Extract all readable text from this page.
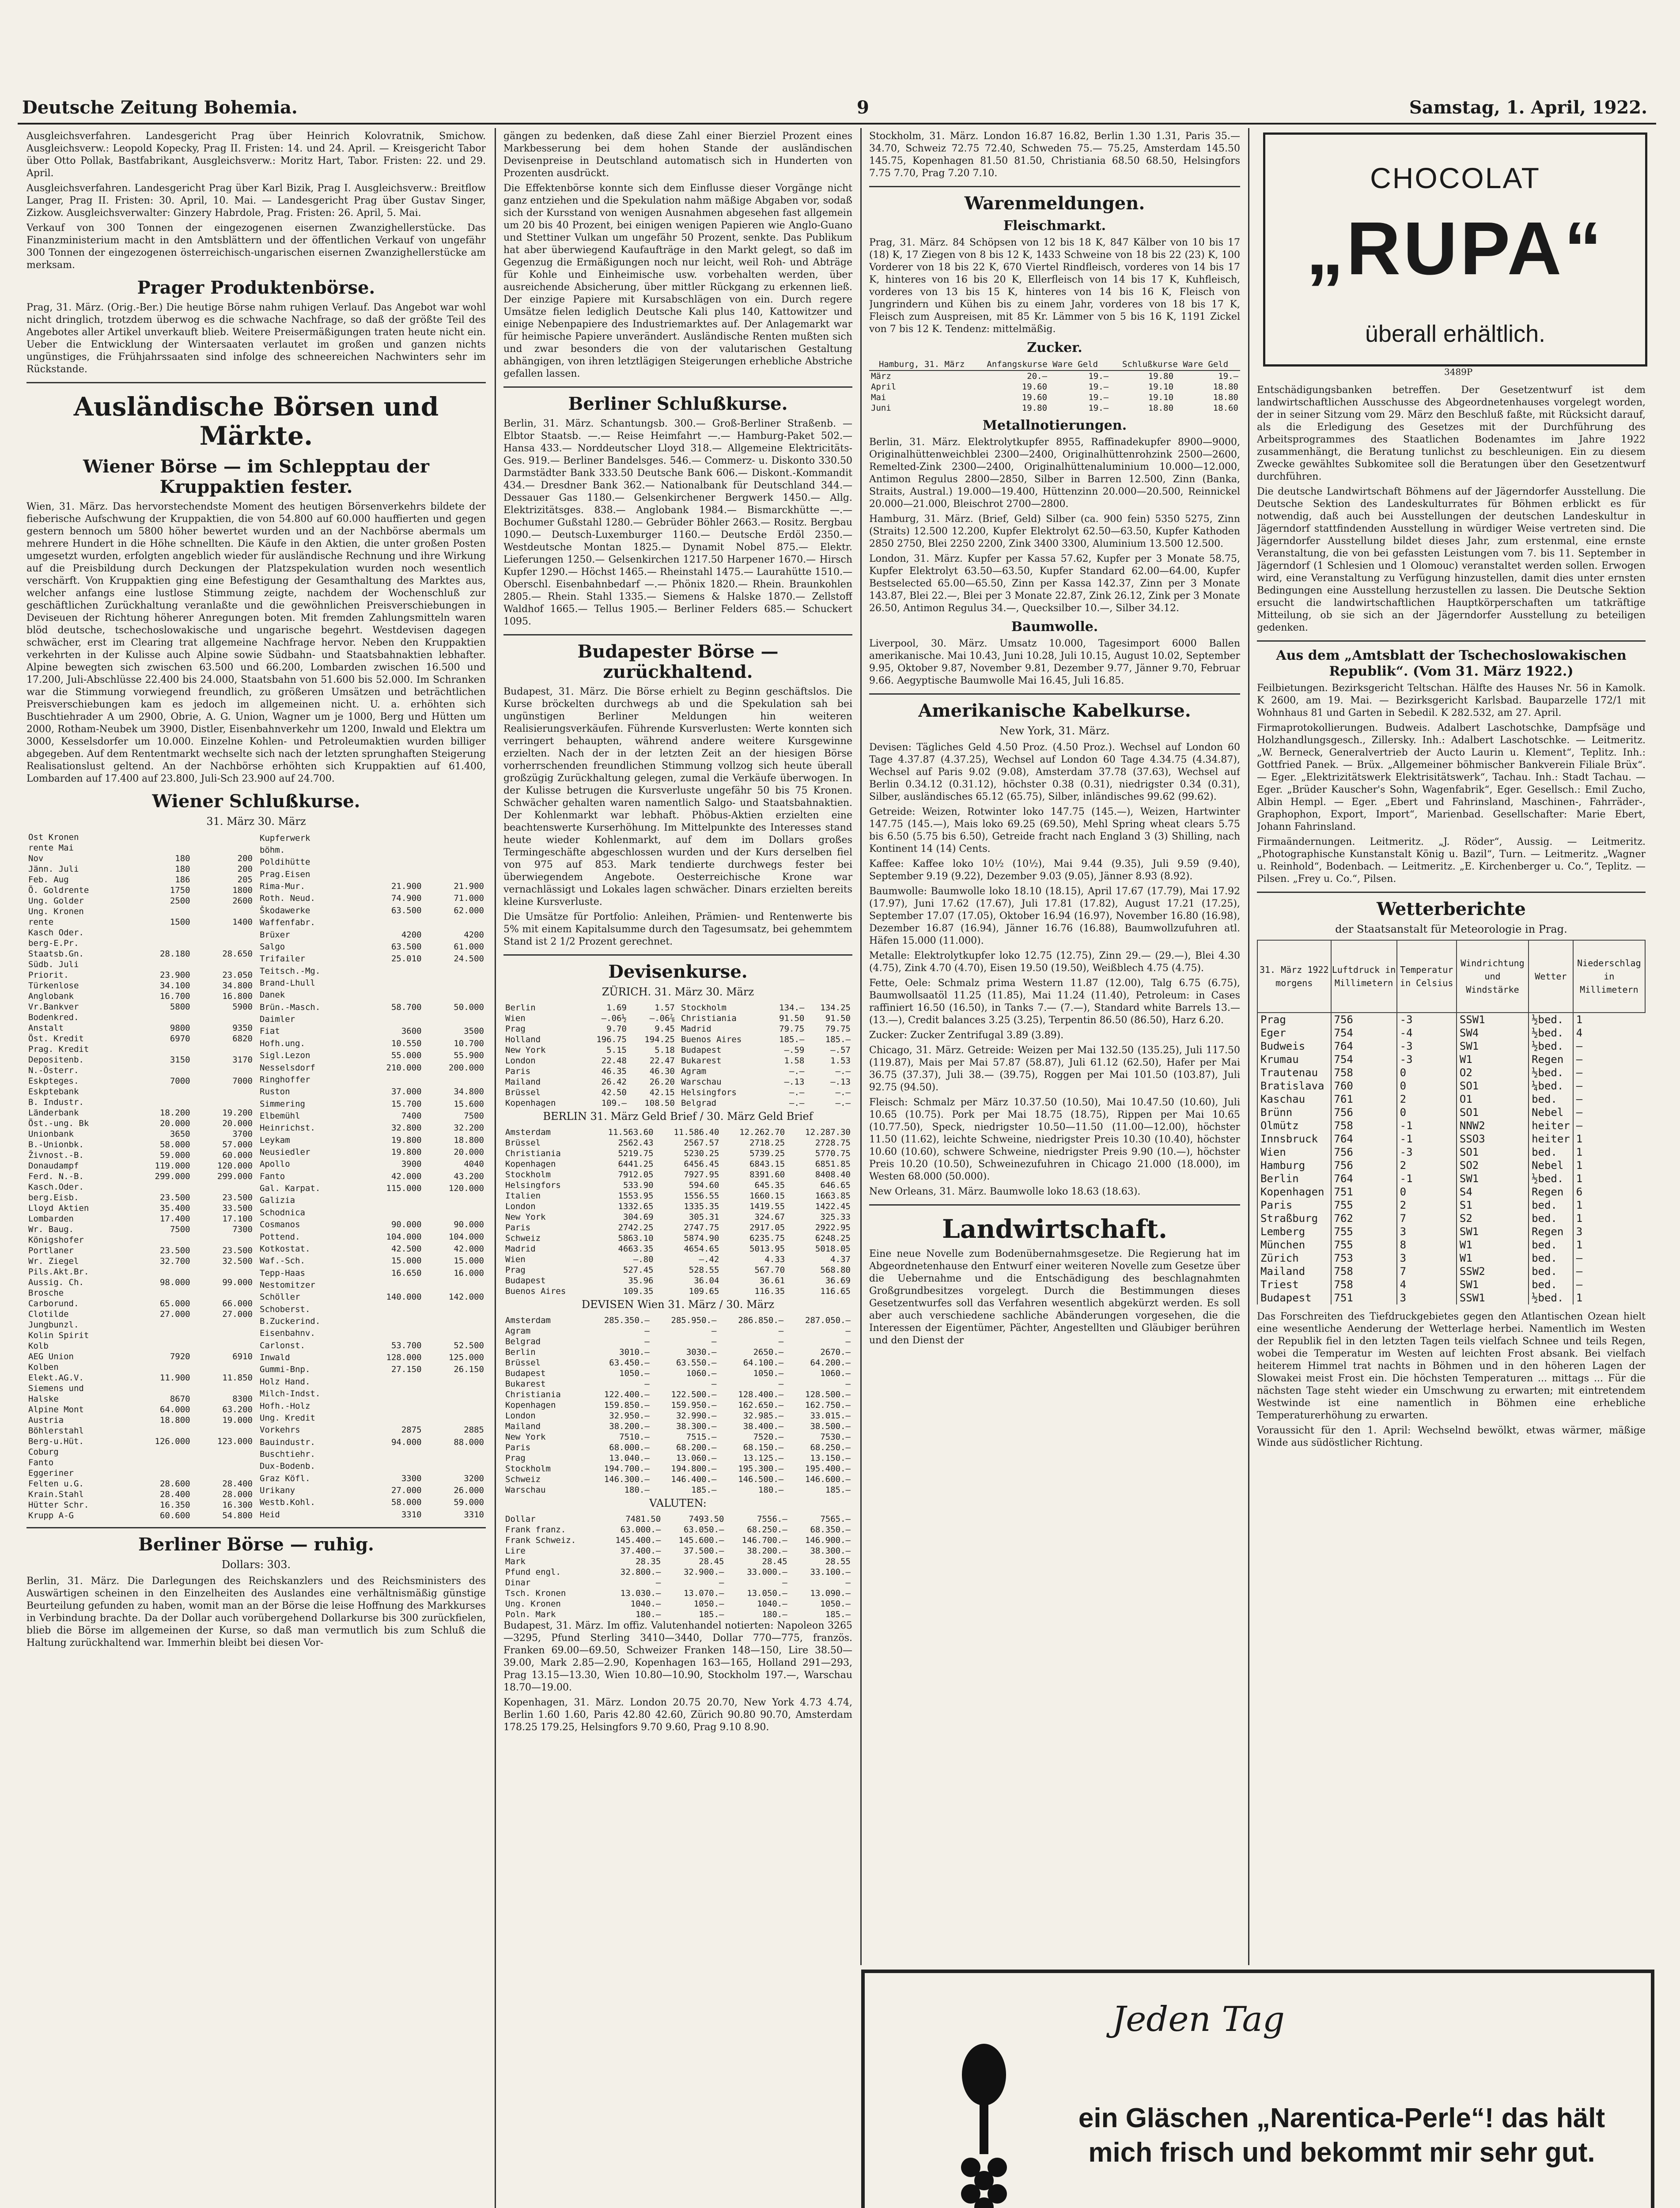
Deutsche Zeitung Bohemia.	9	Samstag, 1. April, 1922.

Ausgleichsverfahren. Landesgericht Prag über Heinrich Kolovratnik, Smichow. Ausgleichsverw.: Leopold Kopecky, Prag II. Fristen: 14. und 24. April. — Kreisgericht Tabor über Otto Pollak, Bastfabrikant, Ausgleichsverw.: Moritz Hart, Tabor. Fristen: 22. und 29. April.

Ausgleichsverfahren. Landesgericht Prag über Karl Bizik, Prag I. Ausgleichsverw.: Breitflow Langer, Prag II. Fristen: 30. April, 10. Mai. — Landesgericht Prag über Gustav Singer, Zizkow. Ausgleichsverwalter: Ginzery Habrdole, Prag. Fristen: 26. April, 5. Mai.

Verkauf von 300 Tonnen der eingezogenen eisernen Zwanzighellerstücke. Das Finanzministerium macht in den Amtsblättern und der öffentlichen Verkauf von ungefähr 300 Tonnen der eingezogenen österreichisch-ungarischen eisernen Zwanzighellerstücke am merksam.

Prager Produktenbörse.

Prag, 31. März. (Orig.-Ber.) Die heutige Börse nahm ruhigen Verlauf. Das Angebot war wohl nicht dringlich, trotzdem überwog es die schwache Nachfrage, so daß der größte Teil des Angebotes aller Artikel unverkauft blieb. Weitere Preisermäßigungen traten heute nicht ein. Ueber die Entwicklung der Wintersaaten verlautet im großen und ganzen nichts ungünstiges, die Frühjahrssaaten sind infolge des schneereichen Nachwinters sehr im Rückstande.

Ausländische Börsen und Märkte.
Wiener Börse — im Schlepptau der Kruppaktien fester.

Wien, 31. März. Das hervorstechendste Moment des heutigen Börsenverkehrs bildete der fieberische Aufschwung der Kruppaktien, die von 54.800 auf 60.000 hauffierten und gegen gestern bennoch um 5800 höher bewertet wurden und an der Nachbörse abermals um mehrere Hundert in die Höhe schnellten. Die Käufe in den Aktien, die unter großen Posten umgesetzt wurden, erfolgten angeblich wieder für ausländische Rechnung und ihre Wirkung auf die Preisbildung durch Deckungen der Platzspekulation wurden noch wesentlich verschärft. Von Kruppaktien ging eine Befestigung der Gesamthaltung des Marktes aus, welcher anfangs eine lustlose Stimmung zeigte, nachdem der Wochenschluß zur geschäftlichen Zurückhaltung veranlaßte und die gewöhnlichen Preisverschiebungen in Deviseuen der Richtung höherer Anregungen boten. Mit fremden Zahlungsmitteln waren blöd deutsche, tschechoslowakische und ungarische begehrt. Westdevisen dagegen schwächer, erst im Clearing trat allgemeine Nachfrage hervor. Neben den Kruppaktien verkehrten in der Kulisse auch Alpine sowie Südbahn- und Staatsbahnaktien lebhafter. Alpine bewegten sich zwischen 63.500 und 66.200, Lombarden zwischen 16.500 und 17.200, Juli-Abschlüsse 22.400 bis 24.000, Staatsbahn von 51.600 bis 52.000. Im Schranken war die Stimmung vorwiegend freundlich, zu größeren Umsätzen und beträchtlichen Preisverschiebungen kam es jedoch im allgemeinen nicht. U. a. erhöhten sich Buschtiehrader A um 2900, Obrie, A. G. Union, Wagner um je 1000, Berg und Hütten um 2000, Rotham-Neubek um 3900, Distler, Eisenbahnverkehr um 1200, Inwald und Elektra um 3000, Kesselsdorfer um 10.000. Einzelne Kohlen- und Petroleumaktien wurden billiger abgegeben. Auf dem Rententmarkt wechselte sich nach der letzten sprunghaften Steigerung Realisationslust geltend. An der Nachbörse erhöhten sich Kruppaktien auf 61.400, Lombarden auf 17.400 auf 23.800, Juli-Sch 23.900 auf 24.700.

Wiener Schlußkurse.
31. März 30. März
Ost Kronen		
rente Mai		
Nov	180	200
Jänn. Juli	180	200
Feb. Aug	186	205
Ö. Goldrente	1750	1800
Ung. Golder	2500	2600
Ung. Kronen		
rente	1500	1400
Kasch Oder.		
berg-E.Pr.		
Staatsb.Gn.	28.180	28.650
Südb. Juli		
Priorit.	23.900	23.050
Türkenlose	34.100	34.800
Anglobank	16.700	16.800
Vr.Bankver	5800	5900
Bodenkred.		
Anstalt	9800	9350
Öst. Kredit	6970	6820
Prag. Kredit		
Depositenb.	3150	3170
N.-Österr.		
Eskpteges.	7000	7000
Eskptebank		
B. Industr.		
Länderbank	18.200	19.200
Öst.-ung. Bk	20.000	20.000
Unionbank	3650	3700
B.-Unionbk.	58.000	57.000
Živnost.-B.	59.000	60.000
Donaudampf	119.000	120.000
Ferd. N.-B.	299.000	299.000
Kasch.Oder.		
berg.Eisb.	23.500	23.500
Lloyd Aktien	35.400	33.500
Lombarden	17.400	17.100
Wr. Baug.	7500	7300
Königshofer		
Portlaner	23.500	23.500
Wr. Ziegel	32.700	32.500
Pils.Akt.Br.		
Aussig. Ch.	98.000	99.000
Brosche		
Carborund.	65.000	66.000
Clotilde	27.000	27.000
Jungbunzl.		
Kolin Spirit		
Kolb		
AEG Union	7920	6910
Kolben		
Elekt.AG.V.	11.900	11.850
Siemens und		
Halske	8670	8300
Alpine Mont	64.000	63.200
Austria	18.800	19.000
Böhlerstahl		
Berg-u.Hüt.	126.000	123.000
Coburg		
Fanto		
Eggeriner		
Felten u.G.	28.600	28.400
Krain.Stahl	28.400	28.000
Hütter Schr.	16.350	16.300
Krupp A-G	60.600	54.800
Kupferwerk		
böhm.		
Poldihütte		
Prag.Eisen		
Rima-Mur.	21.900	21.900
Roth. Neud.	74.900	71.000
Škodawerke	63.500	62.000
Waffenfabr.		
Brüxer	4200	4200
Salgo	63.500	61.000
Trifailer	25.010	24.500
Teitsch.-Mg.		
Brand-Lhull		
Danek		
Brün.-Masch.	58.700	50.000
Daimler		
Fiat	3600	3500
Hofh.ung.	10.550	10.700
Sigl.Lezon	55.000	55.900
Nesselsdorf	210.000	200.000
Ringhoffer		
Ruston	37.000	34.800
Simmering	15.700	15.600
Elbemühl	7400	7500
Heinrichst.	32.800	32.200
Leykam	19.800	18.800
Neusiedler	19.800	20.000
Apollo	3900	4040
Fanto	42.000	43.200
Gal. Karpat.	115.000	120.000
Galizia		
Schodnica		
Cosmanos	90.000	90.000
Pottend.	104.000	104.000
Kotkostat.	42.500	42.000
Waf.-Sch.	15.000	15.000
Tepp-Haas	16.650	16.000
Nestomitzer		
Schöller	140.000	142.000
Schoberst.		
B.Zuckerind.		
Eisenbahnv.		
Carlonst.	53.700	52.500
Inwald	128.000	125.000
Gummi-Bnp.	27.150	26.150
Holz Hand.		
Milch-Indst.		
Hofh.-Holz		
Ung. Kredit		
Vorkehrs	2875	2885
Bauindustr.	94.000	88.000
Buschtiehr.		
Dux-Bodenb.		
Graz Köfl.	3300	3200
Urikany	27.000	26.000
Westb.Kohl.	58.000	59.000
Heid	3310	3310
Berliner Börse — ruhig.
Dollars: 303.

Berlin, 31. März. Die Darlegungen des Reichskanzlers und des Reichsministers des Auswärtigen scheinen in den Einzelheiten des Auslandes eine verhältnismäßig günstige Beurteilung gefunden zu haben, womit man an der Börse die leise Hoffnung des Markkurses in Verbindung brachte. Da der Dollar auch vorübergehend Dollarkurse bis 300 zurückfielen, blieb die Börse im allgemeinen der Kurse, so daß man vermutlich bis zum Schluß die Haltung zurückhaltend war. Immerhin bleibt bei diesen Vor-

gängen zu bedenken, daß diese Zahl einer Bierziel Prozent eines Markbesserung bei dem hohen Stande der ausländischen Devisenpreise in Deutschland automatisch sich in Hunderten von Prozenten ausdrückt.

Die Effektenbörse konnte sich dem Einflusse dieser Vorgänge nicht ganz entziehen und die Spekulation nahm mäßige Abgaben vor, sodaß sich der Kursstand von wenigen Ausnahmen abgesehen fast allgemein um 20 bis 40 Prozent, bei einigen wenigen Papieren wie Anglo-Guano und Stettiner Vulkan um ungefähr 50 Prozent, senkte. Das Publikum hat aber überwiegend Kaufaufträge in den Markt gelegt, so daß im Gegenzug die Ermäßigungen noch nur leicht, weil Roh- und Abträge für Kohle und Einheimische usw. vorbehalten werden, über ausreichende Absicherung, über mittler Rückgang zu erkennen ließ. Der einzige Papiere mit Kursabschlägen von ein. Durch regere Umsätze fielen lediglich Deutsche Kali plus 140, Kattowitzer und einige Nebenpapiere des Industriemarktes auf. Der Anlagemarkt war für heimische Papiere unverändert. Ausländische Renten mußten sich und zwar besonders die von der valutarischen Gestaltung abhängigen, von ihren letztlägigen Steigerungen erhebliche Abstriche gefallen lassen.

Berliner Schlußkurse.

Berlin, 31. März. Schantungsb. 300.— Groß-Berliner Straßenb. — Elbtor Staatsb. —.— Reise Heimfahrt —.— Hamburg-Paket 502.— Hansa 433.— Norddeutscher Lloyd 318.— Allgemeine Elektricitäts-Ges. 919.— Berliner Bandelsges. 546.— Commerz- u. Diskonto 330.50 Darmstädter Bank 333.50 Deutsche Bank 606.— Diskont.-Kommandit 434.— Dresdner Bank 362.— Nationalbank für Deutschland 344.— Dessauer Gas 1180.— Gelsenkirchener Bergwerk 1450.— Allg. Elektrizitätsges. 838.— Anglobank 1984.— Bismarckhütte —.— Bochumer Gußstahl 1280.— Gebrüder Böhler 2663.— Rositz. Bergbau 1090.— Deutsch-Luxemburger 1160.— Deutsche Erdöl 2350.— Westdeutsche Montan 1825.— Dynamit Nobel 875.— Elektr. Lieferungen 1250.— Gelsenkirchen 1217.50 Harpener 1670.— Hirsch Kupfer 1290.— Höchst 1465.— Rheinstahl 1475.— Laurahütte 1510.— Oberschl. Eisenbahnbedarf —.— Phönix 1820.— Rhein. Braunkohlen 2805.— Rhein. Stahl 1335.— Siemens & Halske 1870.— Zellstoff Waldhof 1665.— Tellus 1905.— Berliner Felders 685.— Schuckert 1095.

Budapester Börse — zurückhaltend.

Budapest, 31. März. Die Börse erhielt zu Beginn geschäftslos. Die Kurse bröckelten durchwegs ab und die Spekulation sah bei ungünstigen Berliner Meldungen hin weiteren Realisierungsverkäufen. Führende Kursverlusten: Werte konnten sich verringert behaupten, während andere weitere Kursgewinne erzielten. Nach der in der letzten Zeit an der hiesigen Börse vorherrschenden freundlichen Stimmung vollzog sich heute überall großzügig Zurückhaltung gelegen, zumal die Verkäufe überwogen. In der Kulisse betrugen die Kursverluste ungefähr 50 bis 75 Kronen. Schwächer gehalten waren namentlich Salgo- und Staatsbahnaktien. Der Kohlenmarkt war lebhaft. Phöbus-Aktien erzielten eine beachtenswerte Kurserhöhung. Im Mittelpunkte des Interesses stand heute wieder Kohlenmarkt, auf dem im Dollars großes Termingeschäfte abgeschlossen wurden und der Kurs derselben fiel von 975 auf 853. Mark tendierte durchwegs fester bei überwiegendem Angebote. Oesterreichische Krone war vernachlässigt und Lokales lagen schwächer. Dinars erzielten bereits kleine Kursverluste.

Die Umsätze für Portfolio: Anleihen, Prämien- und Rentenwerte bis 5% mit einem Kapitalsumme durch den Tagesumsatz, bei gehemmtem Stand ist 2 1/2 Prozent gerechnet.

Devisenkurse.
ZÜRICH. 31. März 30. März
Berlin	1.69	1.57
Wien	—.06½	—.06⅞
Prag	9.70	9.45
Holland	196.75	194.25
New York	5.15	5.18
London	22.48	22.47
Paris	46.35	46.30
Mailand	26.42	26.20
Brüssel	42.50	42.15
Kopenhagen	109.—	108.50
Stockholm	134.—	134.25
Christiania	91.50	91.50
Madrid	79.75	79.75
Buenos Aires	185.—	185.—
Budapest	—.59	—.57
Bukarest	1.58	1.53
Agram	—.—	—.—
Warschau	—.13	—.13
Helsingfors	—.—	—.—
Belgrad	—.—	—.—
BERLIN 31. März Geld Brief / 30. März Geld Brief
Amsterdam	11.563.60	11.586.40	12.262.70	12.287.30
Brüssel	2562.43	2567.57	2718.25	2728.75
Christiania	5219.75	5230.25	5739.25	5770.75
Kopenhagen	6441.25	6456.45	6843.15	6851.85
Stockholm	7912.05	7927.95	8391.60	8408.40
Helsingfors	533.90	594.60	645.35	646.65
Italien	1553.95	1556.55	1660.15	1663.85
London	1332.65	1335.35	1419.55	1422.45
New York	304.69	305.31	324.67	325.33
Paris	2742.25	2747.75	2917.05	2922.95
Schweiz	5863.10	5874.90	6235.75	6248.25
Madrid	4663.35	4654.65	5013.95	5018.05
Wien	—.80	—.42	4.33	4.37
Prag	527.45	528.55	567.70	568.80
Budapest	35.96	36.04	36.61	36.69
Buenos Aires	109.35	109.65	116.35	116.65
DEVISEN Wien 31. März / 30. März
Amsterdam	285.350.—	285.950.—	286.850.—	287.050.—
Agram	—	—	—	—
Belgrad	—	—	—	—
Berlin	3010.—	3030.—	2650.—	2670.—
Brüssel	63.450.—	63.550.—	64.100.—	64.200.—
Budapest	1050.—	1060.—	1050.—	1060.—
Bukarest	—	—	—	—
Christiania	122.400.—	122.500.—	128.400.—	128.500.—
Kopenhagen	159.850.—	159.950.—	162.650.—	162.750.—
London	32.950.—	32.990.—	32.985.—	33.015.—
Mailand	38.200.—	38.300.—	38.400.—	38.500.—
New York	7510.—	7515.—	7520.—	7530.—
Paris	68.000.—	68.200.—	68.150.—	68.250.—
Prag	13.040.—	13.060.—	13.125.—	13.150.—
Stockholm	194.700.—	194.800.—	195.300.—	195.400.—
Schweiz	146.300.—	146.400.—	146.500.—	146.600.—
Warschau	180.—	185.—	180.—	185.—
VALUTEN:
Dollar	7481.50	7493.50	7556.—	7565.—
Frank franz.	63.000.—	63.050.—	68.250.—	68.350.—
Frank Schweiz.	145.400.—	145.600.—	146.700.—	146.900.—
Lire	37.400.—	37.500.—	38.200.—	38.300.—
Mark	28.35	28.45	28.45	28.55
Pfund engl.	32.800.—	32.900.—	33.000.—	33.100.—
Dinar	—	—	—	—
Tsch. Kronen	13.030.—	13.070.—	13.050.—	13.090.—
Ung. Kronen	1040.—	1050.—	1040.—	1050.—
Poln. Mark	180.—	185.—	180.—	185.—

Budapest, 31. März. Im offiz. Valutenhandel notierten: Napoleon 3265—3295, Pfund Sterling 3410—3440, Dollar 770—775, französ. Franken 69.00—69.50, Schweizer Franken 148—150, Lire 38.50—39.00, Mark 2.85—2.90, Kopenhagen 163—165, Holland 291—293, Prag 13.15—13.30, Wien 10.80—10.90, Stockholm 197.—, Warschau 18.70—19.00.

Kopenhagen, 31. März. London 20.75 20.70, New York 4.73 4.74, Berlin 1.60 1.60, Paris 42.80 42.60, Zürich 90.80 90.70, Amsterdam 178.25 179.25, Helsingfors 9.70 9.60, Prag 9.10 8.90.

Stockholm, 31. März. London 16.87 16.82, Berlin 1.30 1.31, Paris 35.— 34.70, Schweiz 72.75 72.40, Schweden 75.— 75.25, Amsterdam 145.50 145.75, Kopenhagen 81.50 81.50, Christiania 68.50 68.50, Helsingfors 7.75 7.70, Prag 7.20 7.10.

Warenmeldungen.
Fleischmarkt.

Prag, 31. März. 84 Schöpsen von 12 bis 18 K, 847 Kälber von 10 bis 17 (18) K, 17 Ziegen von 8 bis 12 K, 1433 Schweine von 18 bis 22 (23) K, 100 Vorderer von 18 bis 22 K, 670 Viertel Rindfleisch, vorderes von 14 bis 17 K, hinteres von 16 bis 20 K, Ellerfleisch von 14 bis 17 K, Kuhfleisch, vorderes von 13 bis 15 K, hinteres von 14 bis 16 K, Fleisch von Jungrindern und Kühen bis zu einem Jahr, vorderes von 18 bis 17 K, Fleisch zum Auspreisen, mit 85 Kr. Lämmer von 5 bis 16 K, 1191 Zickel von 7 bis 12 K. Tendenz: mittelmäßig.

Zucker.
Hamburg, 31. März	Anfangskurse Ware Geld		Schlußkurse Ware Geld	
März	20.—	19.—	19.80	19.—
April	19.60	19.—	19.10	18.80
Mai	19.60	19.—	19.10	18.80
Juni	19.80	19.—	18.80	18.60
Metallnotierungen.

Berlin, 31. März. Elektrolytkupfer 8955, Raffinadekupfer 8900—9000, Originalhüttenweichblei 2300—2400, Originalhüttenrohzink 2500—2600, Remelted-Zink 2300—2400, Originalhüttenaluminium 10.000—12.000, Antimon Regulus 2800—2850, Silber in Barren 12.500, Zinn (Banka, Straits, Austral.) 19.000—19.400, Hüttenzinn 20.000—20.500, Reinnickel 20.000—21.000, Bleischrot 2700—2800.

Hamburg, 31. März. (Brief, Geld) Silber (ca. 900 fein) 5350 5275, Zinn (Straits) 12.500 12.200, Kupfer Elektrolyt 62.50—63.50, Kupfer Kathoden 2850 2750, Blei 2250 2200, Zink 3400 3300, Aluminium 13.500 12.500.

London, 31. März. Kupfer per Kassa 57.62, Kupfer per 3 Monate 58.75, Kupfer Elektrolyt 63.50—63.50, Kupfer Standard 62.00—64.00, Kupfer Bestselected 65.00—65.50, Zinn per Kassa 142.37, Zinn per 3 Monate 143.87, Blei 22.—, Blei per 3 Monate 22.87, Zink 26.12, Zink per 3 Monate 26.50, Antimon Regulus 34.—, Quecksilber 10.—, Silber 34.12.

Baumwolle.

Liverpool, 30. März. Umsatz 10.000, Tagesimport 6000 Ballen amerikanische. Mai 10.43, Juni 10.28, Juli 10.15, August 10.02, September 9.95, Oktober 9.87, November 9.81, Dezember 9.77, Jänner 9.70, Februar 9.66. Aegyptische Baumwolle Mai 16.45, Juli 16.85.

Amerikanische Kabelkurse.
New York, 31. März.

Devisen: Tägliches Geld 4.50 Proz. (4.50 Proz.). Wechsel auf London 60 Tage 4.37.87 (4.37.25), Wechsel auf London 60 Tage 4.34.75 (4.34.87), Wechsel auf Paris 9.02 (9.08), Amsterdam 37.78 (37.63), Wechsel auf Berlin 0.34.12 (0.31.12), höchster 0.38 (0.31), niedrigster 0.34 (0.31), Silber, ausländisches 65.12 (65.75), Silber, inländisches 99.62 (99.62).

Getreide: Weizen, Rotwinter loko 147.75 (145.—), Weizen, Hartwinter 147.75 (145.—), Mais loko 69.25 (69.50), Mehl Spring wheat clears 5.75 bis 6.50 (5.75 bis 6.50), Getreide fracht nach England 3 (3) Shilling, nach Kontinent 14 (14) Cents.

Kaffee: Kaffee loko 10½ (10½), Mai 9.44 (9.35), Juli 9.59 (9.40), September 9.19 (9.22), Dezember 9.03 (9.05), Jänner 8.93 (8.92).

Baumwolle: Baumwolle loko 18.10 (18.15), April 17.67 (17.79), Mai 17.92 (17.97), Juni 17.62 (17.67), Juli 17.81 (17.82), August 17.21 (17.25), September 17.07 (17.05), Oktober 16.94 (16.97), November 16.80 (16.98), Dezember 16.87 (16.94), Jänner 16.76 (16.88), Baumwollzufuhren atl. Häfen 15.000 (11.000).

Metalle: Elektrolytkupfer loko 12.75 (12.75), Zinn 29.— (29.—), Blei 4.30 (4.75), Zink 4.70 (4.70), Eisen 19.50 (19.50), Weißblech 4.75 (4.75).

Fette, Oele: Schmalz prima Western 11.87 (12.00), Talg 6.75 (6.75), Baumwollsaatöl 11.25 (11.85), Mai 11.24 (11.40), Petroleum: in Cases raffiniert 16.50 (16.50), in Tanks 7.— (7.—), Standard white Barrels 13.— (13.—), Credit balances 3.25 (3.25), Terpentin 86.50 (86.50), Harz 6.20.

Zucker: Zucker Zentrifugal 3.89 (3.89).

Chicago, 31. März. Getreide: Weizen per Mai 132.50 (135.25), Juli 117.50 (119.87), Mais per Mai 57.87 (58.87), Juli 61.12 (62.50), Hafer per Mai 36.75 (37.37), Juli 38.— (39.75), Roggen per Mai 101.50 (103.87), Juli 92.75 (94.50).

Fleisch: Schmalz per März 10.37.50 (10.50), Mai 10.47.50 (10.60), Juli 10.65 (10.75). Pork per Mai 18.75 (18.75), Rippen per Mai 10.65 (10.77.50), Speck, niedrigster 10.50—11.50 (11.00—12.00), höchster 11.50 (11.62), leichte Schweine, niedrigster Preis 10.30 (10.40), höchster 10.60 (10.60), schwere Schweine, niedrigster Preis 9.90 (10.—), höchster Preis 10.20 (10.50), Schweinezufuhren in Chicago 21.000 (18.000), im Westen 68.000 (50.000).

New Orleans, 31. März. Baumwolle loko 18.63 (18.63).

Landwirtschaft.

Eine neue Novelle zum Bodenübernahmsgesetze. Die Regierung hat im Abgeordnetenhause den Entwurf einer weiteren Novelle zum Gesetze über die Uebernahme und die Entschädigung des beschlagnahmten Großgrundbesitzes vorgelegt. Durch die Bestimmungen dieses Gesetzentwurfes soll das Verfahren wesentlich abgekürzt werden. Es soll aber auch verschiedene sachliche Abänderungen vorgesehen, die die Interessen der Eigentümer, Pächter, Angestellten und Gläubiger berühren und den Dienst der

CHOCOLAT
„RUPA“
überall erhältlich.
3489P

Entschädigungsbanken betreffen. Der Gesetzentwurf ist dem landwirtschaftlichen Ausschusse des Abgeordnetenhauses vorgelegt worden, der in seiner Sitzung vom 29. März den Beschluß faßte, mit Rücksicht darauf, als die Erledigung des Gesetzes mit der Durchführung des Arbeitsprogrammes des Staatlichen Bodenamtes im Jahre 1922 zusammenhängt, die Beratung tunlichst zu beschleunigen. Ein zu diesem Zwecke gewähltes Subkomitee soll die Beratungen über den Gesetzentwurf durchführen.

Die deutsche Landwirtschaft Böhmens auf der Jägerndorfer Ausstellung. Die Deutsche Sektion des Landeskulturrates für Böhmen erblickt es für notwendig, daß auch bei Ausstellungen der deutschen Landeskultur in Jägerndorf stattfindenden Ausstellung in würdiger Weise vertreten sind. Die Jägerndorfer Ausstellung bildet dieses Jahr, zum erstenmal, eine ernste Veranstaltung, die von bei gefassten Leistungen vom 7. bis 11. September in Jägerndorf (1 Schlesien und 1 Olomouc) veranstaltet werden sollen. Erwogen wird, eine Veranstaltung zu Verfügung hinzustellen, damit dies unter ernsten Bedingungen eine Ausstellung herzustellen zu lassen. Die Deutsche Sektion ersucht die landwirtschaftlichen Hauptkörperschaften um tatkräftige Mitteilung, ob sie sich an der Jägerndorfer Ausstellung zu beteiligen gedenken.

Aus dem „Amtsblatt der Tschechoslowakischen Republik“. (Vom 31. März 1922.)

Feilbietungen. Bezirksgericht Teltschan. Hälfte des Hauses Nr. 56 in Kamolk. K 2600, am 19. Mai. — Bezirksgericht Karlsbad. Bauparzelle 172/1 mit Wohnhaus 81 und Garten in Sebedil. K 282.532, am 27. April.

Firmaprotokollierungen. Budweis. Adalbert Laschotschke, Dampfsäge und Holzhandlungsgesch., Zillersky. Inh.: Adalbert Laschotschke. — Leitmeritz. „W. Berneck, Generalvertrieb der Aucto Laurin u. Klement“, Teplitz. Inh.: Gottfried Panek. — Brüx. „Allgemeiner böhmischer Bankverein Filiale Brüx“. — Eger. „Elektrizitätswerk Elektrisitätswerk“, Tachau. Inh.: Stadt Tachau. — Eger. „Brüder Kauscher's Sohn, Wagenfabrik“, Eger. Gesellsch.: Emil Zucho, Albin Hempl. — Eger. „Ebert und Fahrinsland, Maschinen-, Fahrräder-, Graphophon, Export, Import“, Marienbad. Gesellschafter: Marie Ebert, Johann Fahrinsland.

Firmaändernungen. Leitmeritz. „J. Röder“, Aussig. — Leitmeritz. „Photographische Kunstanstalt König u. Bazil“, Turn. — Leitmeritz. „Wagner u. Reinhold“, Bodenbach. — Leitmeritz. „E. Kirchenberger u. Co.“, Teplitz. — Pilsen. „Frey u. Co.“, Pilsen.

Wetterberichte
der Staatsanstalt für Meteorologie in Prag.
31. März 1922 morgens	Luftdruck in Millimetern	Temperatur in Celsius	Windrichtung und Windstärke	Wetter	Niederschlag in Millimetern
Prag	756	-3	SSW1	½bed.	1
Eger	754	-4	SW4	½bed.	4
Budweis	764	-3	SW1	½bed.	—
Krumau	754	-3	W1	Regen	—
Trautenau	758	0	O2	½bed.	—
Bratislava	760	0	SO1	¼bed.	—
Kaschau	761	2	O1	bed.	—
Brünn	756	0	SO1	Nebel	—
Olmütz	758	-1	NNW2	heiter	—
Innsbruck	764	-1	SSO3	heiter	1
Wien	756	-3	SO1	bed.	1
Hamburg	756	2	SO2	Nebel	1
Berlin	764	-1	SW1	½bed.	1
Kopenhagen	751	0	S4	Regen	6
Paris	755	2	S1	bed.	1
Straßburg	762	7	S2	bed.	1
Lemberg	755	3	SW1	Regen	3
München	755	8	W1	bed.	1
Zürich	753	3	W1	bed.	—
Mailand	758	7	SSW2	bed.	—
Triest	758	4	SW1	bed.	—
Budapest	751	3	SSW1	½bed.	1

Das Forschreiten des Tiefdruckgebietes gegen den Atlantischen Ozean hielt eine wesentliche Aenderung der Wetterlage herbei. Namentlich im Westen der Republik fiel in den letzten Tagen teils vielfach Schnee und teils Regen, wobei die Temperatur im Westen auf leichten Frost absank. Bei vielfach heiterem Himmel trat nachts in Böhmen und in den höheren Lagen der Slowakei meist Frost ein. Die höchsten Temperaturen ... mittags ... Für die nächsten Tage steht wieder ein Umschwung zu erwarten; mit eintretendem Westwinde ist eine namentlich in Böhmen eine erhebliche Temperaturerhöhung zu erwarten.

Voraussicht für den 1. April: Wechselnd bewölkt, etwas wärmer, mäßige Winde aus südöstlicher Richtung.

Jeden Tag
ein Gläschen „Narentica-Perle“! das hält mich frisch und bekommt mir sehr gut.
